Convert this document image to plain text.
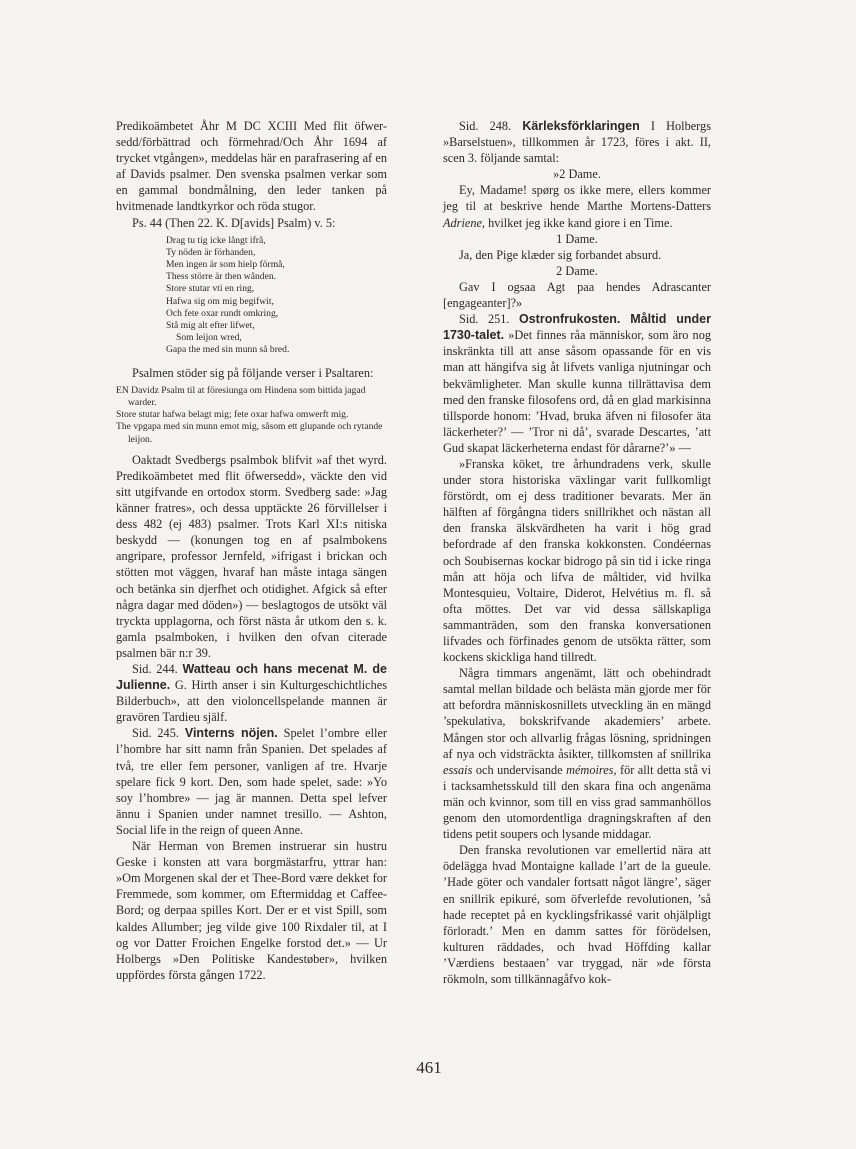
Predikoämbetet Åhr M DC XCIII Med flit öfwer-sedd/förbättrad och förmehrad/Och Åhr 1694 af trycket vtgången», meddelas här en parafrasering af en af Davids psalmer. Den svenska psalmen verkar som en gammal bondmålning, den leder tanken på hvitmenade landtkyrkor och röda stugor.

Ps. 44 (Then 22. K. D[avids] Psalm) v. 5:

Drag tu tig icke långt ifrå,
Ty nöden är förhanden,
Men ingen är som hielp förmå,
Thess större är then wånden.
Store stutar vti en ring,
Hafwa sig om mig begifwit,
Och fete oxar rundt omkring,
Stå mig alt efter lifwet,
Som leijon wred,
Gapa the med sin munn så bred.

Psalmen stöder sig på följande verser i Psaltaren:

EN Davidz Psalm til at föresiunga om Hindena som bittida jagad warder.
Store stutar hafwa belagt mig; fete oxar hafwa omwerft mig.
The vpgapa med sin munn emot mig, såsom ett glupande och rytande leijon.

Oaktadt Svedbergs psalmbok blifvit »af thet wyrd. Predikoämbetet med flit öfwersedd», väckte den vid sitt utgifvande en ortodox storm. Svedberg sade: »Jag känner fratres», och dessa upptäckte 26 förvillelser i dess 482 (ej 483) psalmer. Trots Karl XI:s nitiska beskydd — (konungen tog en af psalmbokens angripare, professor Jernfeld, »ifrigast i brickan och stötten mot väggen, hvaraf han måste intaga sängen och betänka sin djerfhet och otidighet. Afgick så efter några dagar med döden») — beslagtogos de utsökt väl tryckta upplagorna, och först nästa år utkom den s. k. gamla psalmboken, i hvilken den ofvan citerade psalmen bär n:r 39.

Sid. 244. Watteau och hans mecenat M. de Julienne. G. Hirth anser i sin Kulturgeschichtliches Bilderbuch», att den violoncellspelande mannen är gravören Tardieu själf.

Sid. 245. Vinterns nöjen. Spelet l’ombre eller l’hombre har sitt namn från Spanien. Det spelades af två, tre eller fem personer, vanligen af tre. Hvarje spelare fick 9 kort. Den, som hade spelet, sade: »Yo soy l’hombre» — jag är mannen. Detta spel lefver ännu i Spanien under namnet tresillo. — Ashton, Social life in the reign of queen Anne.

När Herman von Bremen instruerar sin hustru Geske i konsten att vara borgmästarfru, yttrar han: »Om Morgenen skal der et Thee-Bord være dekket for Fremmede, som kommer, om Eftermiddag et Caffee-Bord; og derpaa spilles Kort. Der er et vist Spill, som kaldes Allumber; jeg vilde give 100 Rixdaler til, at I og vor Datter Froichen Engelke forstod det.» — Ur Holbergs »Den Politiske Kandestøber», hvilken uppfördes första gången 1722.

Sid. 248. Kärleksförklaringen I Holbergs »Barselstuen», tillkommen år 1723, föres i akt. II, scen 3. följande samtal:

»2 Dame.

Ey, Madame! spørg os ikke mere, ellers kommer jeg til at beskrive hende Marthe Mortens-Datters Adriene, hvilket jeg ikke kand giore i en Time.

1 Dame.

Ja, den Pige klæder sig forbandet absurd.

2 Dame.

Gav I ogsaa Agt paa hendes Adrascanter [engageanter]?»

Sid. 251. Ostronfrukosten. Måltid under 1730-talet. »Det finnes råa människor, som äro nog inskränkta till att anse såsom opassande för en vis man att hängifva sig åt lifvets vanliga njutningar och bekvämligheter. Man skulle kunna tillrättavisa dem med den franske filosofens ord, då en glad markisinna tillsporde honom: ’Hvad, bruka äfven ni filosofer äta läckerheter?’ — ’Tror ni då’, svarade Descartes, ’att Gud skapat läckerheterna endast för dårarne?’» —

»Franska köket, tre århundradens verk, skulle under stora historiska växlingar varit fullkomligt förstördt, om ej dess traditioner bevarats. Mer än hälften af förgångna tiders snillrikhet och nästan all den franska älskvärdheten ha varit i hög grad befordrade af den franska kokkonsten. Condéernas och Soubisernas kockar bidrogo på sin tid i icke ringa mån att höja och lifva de måltider, vid hvilka Montesquieu, Voltaire, Diderot, Helvétius m. fl. så ofta möttes. Det var vid dessa sällskapliga sammanträden, som den franska konversationen lifvades och förfinades genom de utsökta rätter, som kockens skickliga hand tillredt.

Några timmars angenämt, lätt och obehindradt samtal mellan bildade och belästa män gjorde mer för att befordra människosnillets utveckling än en mängd ’spekulativa, bokskrifvande akademiers’ arbete. Mången stor och allvarlig frågas lösning, spridningen af nya och vidsträckta åsikter, tillkomsten af snillrika essais och undervisande mémoires, för allt detta stå vi i tacksamhetsskuld till den skara fina och angenäma män och kvinnor, som till en viss grad sammanhöllos genom den utomordentliga dragningskraften af den tidens petit soupers och lysande middagar.

Den franska revolutionen var emellertid nära att ödelägga hvad Montaigne kallade l’art de la gueule. ’Hade göter och vandaler fortsatt något längre’, säger en snillrik epikuré, som öfverlefde revolutionen, ’så hade receptet på en kycklingsfrikassé varit ohjälpligt förloradt.’ Men en damm sattes för förödelsen, kulturen räddades, och hvad Höffding kallar ’Værdiens bestaaen’ var tryggad, när »de första rökmoln, som tillkännagåfvo kok-

461
